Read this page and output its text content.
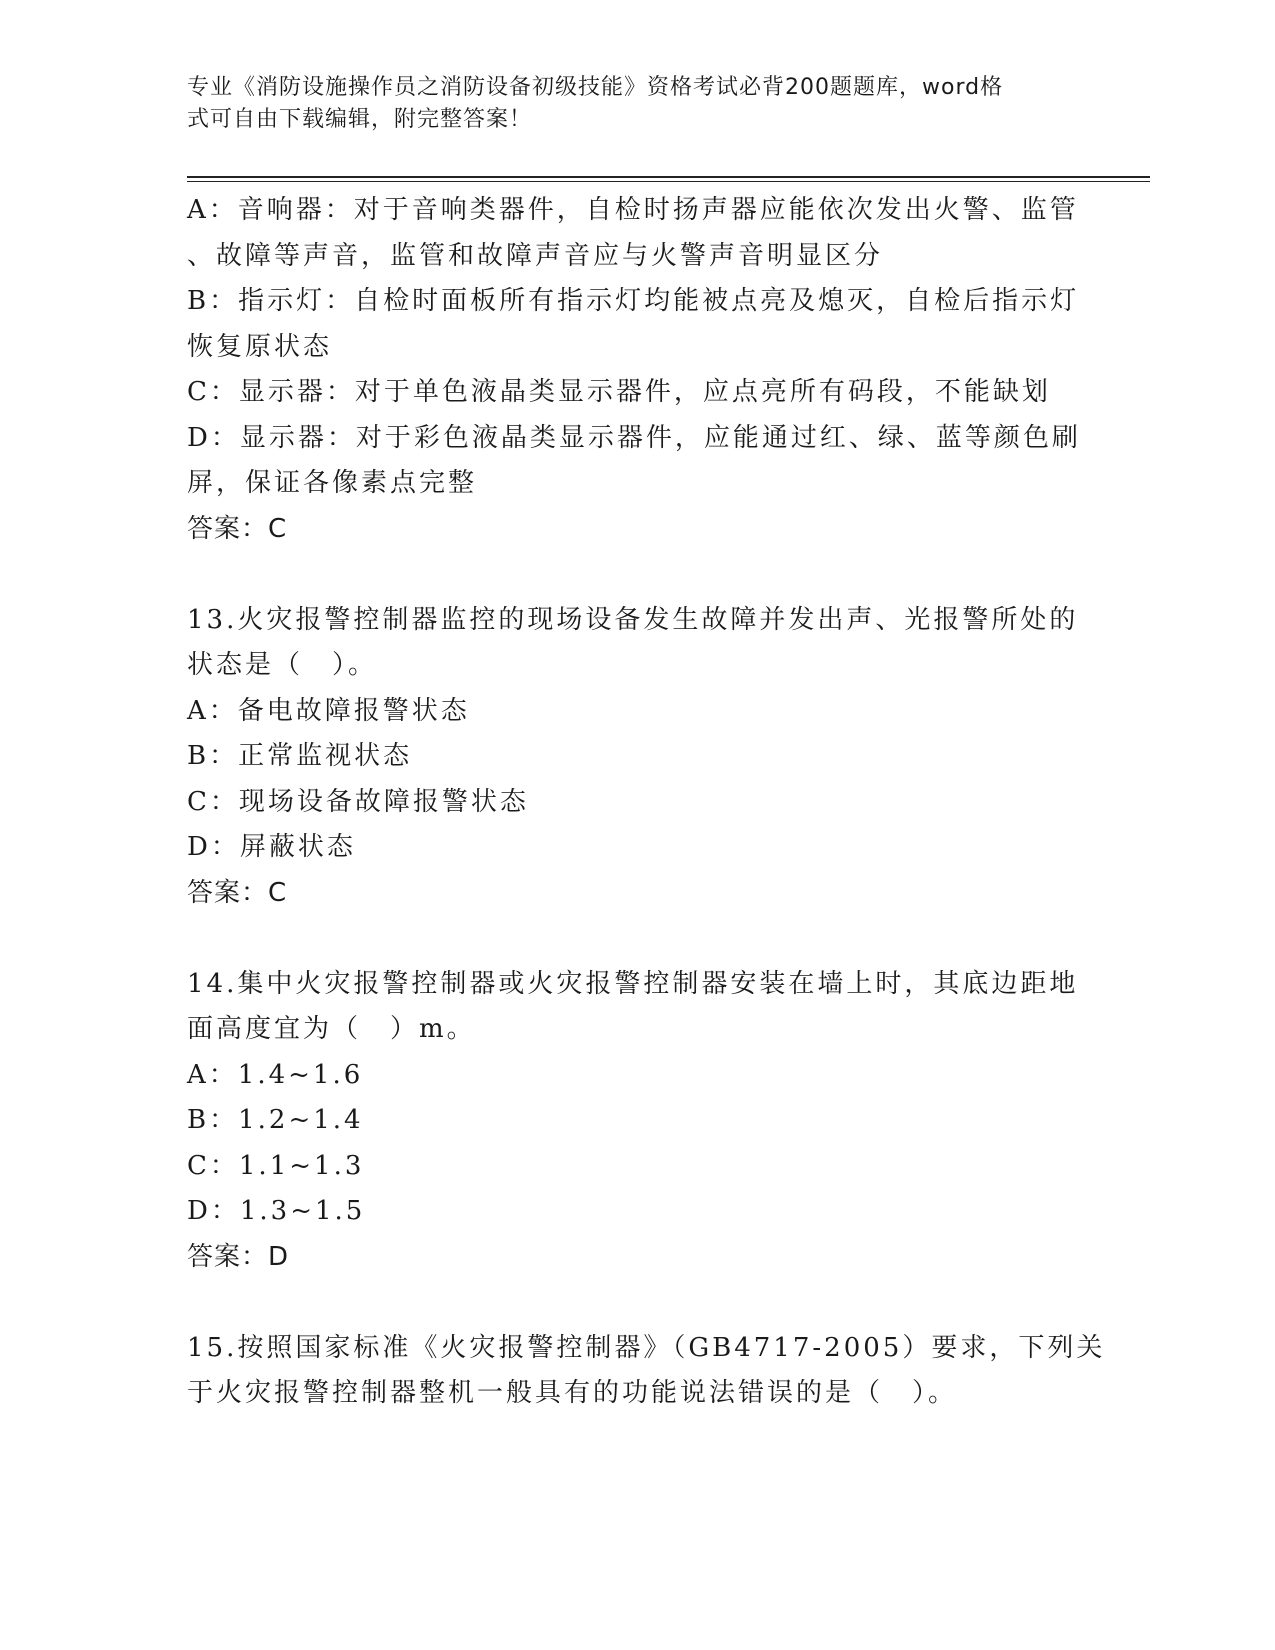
专业《消防设施操作员之消防设备初级技能》资格考试必背200题题库，word格
式可自由下载编辑，附完整答案！
A：音响器：对于音响类器件，自检时扬声器应能依次发出火警、监管
、故障等声音，监管和故障声音应与火警声音明显区分
B：指示灯：自检时面板所有指示灯均能被点亮及熄灭，自检后指示灯
恢复原状态
C：显示器：对于单色液晶类显示器件，应点亮所有码段，不能缺划
D：显示器：对于彩色液晶类显示器件，应能通过红、绿、蓝等颜色刷
屏，保证各像素点完整
答案：C
13.火灾报警控制器监控的现场设备发生故障并发出声、光报警所处的
状态是（　）。
A：备电故障报警状态
B：正常监视状态
C：现场设备故障报警状态
D：屏蔽状态
答案：C
14.集中火灾报警控制器或火灾报警控制器安装在墙上时，其底边距地
面高度宜为（　）m。
A：1.4~1.6
B：1.2~1.4
C：1.1~1.3
D：1.3~1.5
答案：D
15.按照国家标准《火灾报警控制器》（GB4717-2005）要求，下列关
于火灾报警控制器整机一般具有的功能说法错误的是（　）。
